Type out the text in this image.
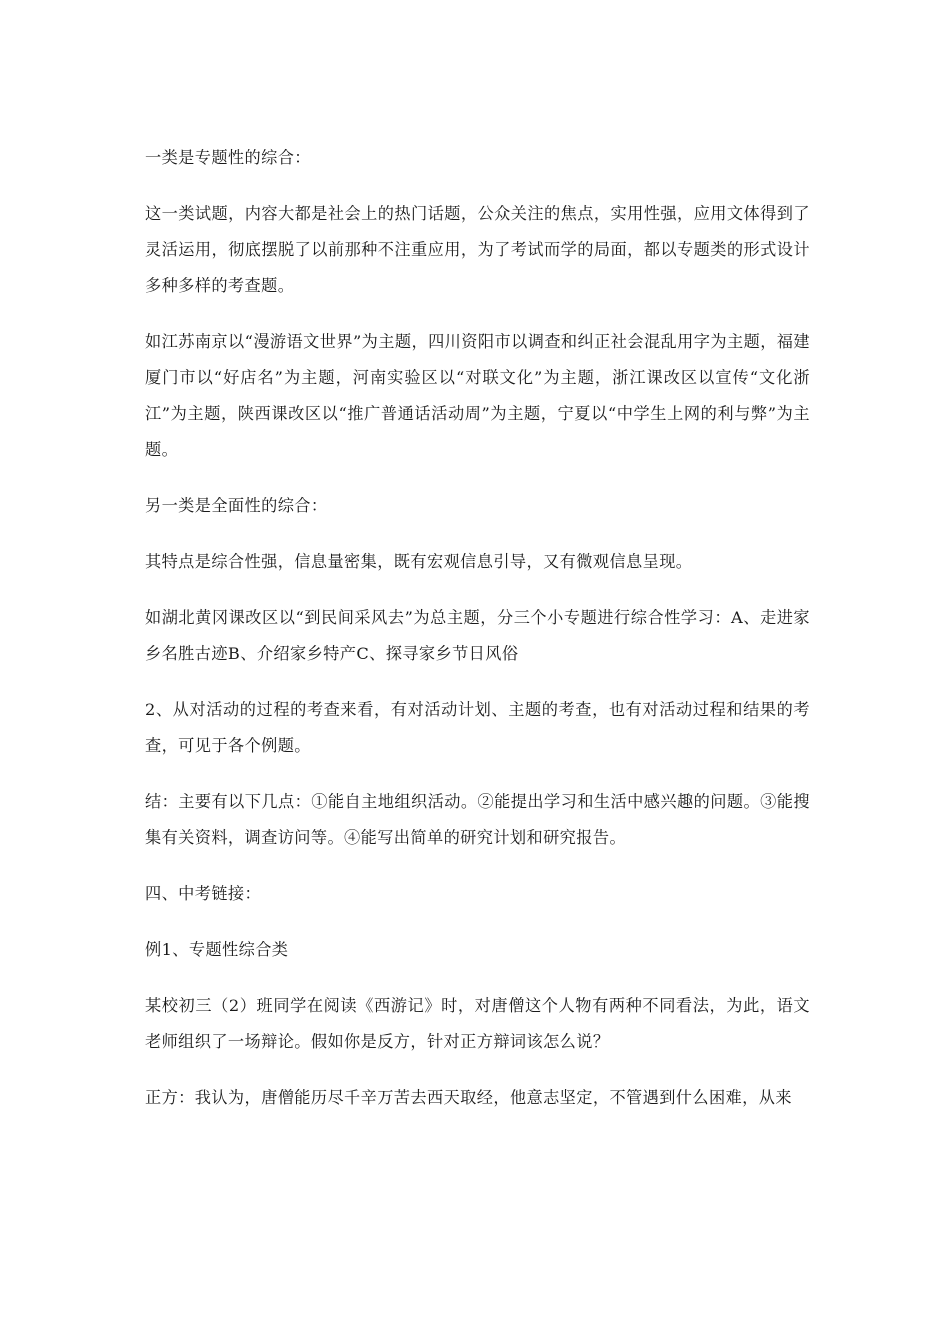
一类是专题性的综合：

这一类试题，内容大都是社会上的热门话题，公众关注的焦点，实用性强，应用文体得到了灵活运用，彻底摆脱了以前那种不注重应用，为了考试而学的局面，都以专题类的形式设计多种多样的考查题。

如江苏南京以“漫游语文世界”为主题，四川资阳市以调查和纠正社会混乱用字为主题，福建厦门市以“好店名”为主题，河南实验区以“对联文化”为主题，浙江课改区以宣传“文化浙江”为主题，陕西课改区以“推广普通话活动周”为主题，宁夏以“中学生上网的利与弊”为主题。

另一类是全面性的综合：

其特点是综合性强，信息量密集，既有宏观信息引导，又有微观信息呈现。

如湖北黄冈课改区以“到民间采风去”为总主题，分三个小专题进行综合性学习：A、走进家乡名胜古迹B、介绍家乡特产C、探寻家乡节日风俗

2、从对活动的过程的考查来看，有对活动计划、主题的考查，也有对活动过程和结果的考查，可见于各个例题。

结：主要有以下几点：①能自主地组织活动。②能提出学习和生活中感兴趣的问题。③能搜集有关资料，调查访问等。④能写出简单的研究计划和研究报告。

四、中考链接：

例1、专题性综合类

某校初三（2）班同学在阅读《西游记》时，对唐僧这个人物有两种不同看法，为此，语文老师组织了一场辩论。假如你是反方，针对正方辩词该怎么说？

正方：我认为，唐僧能历尽千辛万苦去西天取经，他意志坚定，不管遇到什么困难，从来
